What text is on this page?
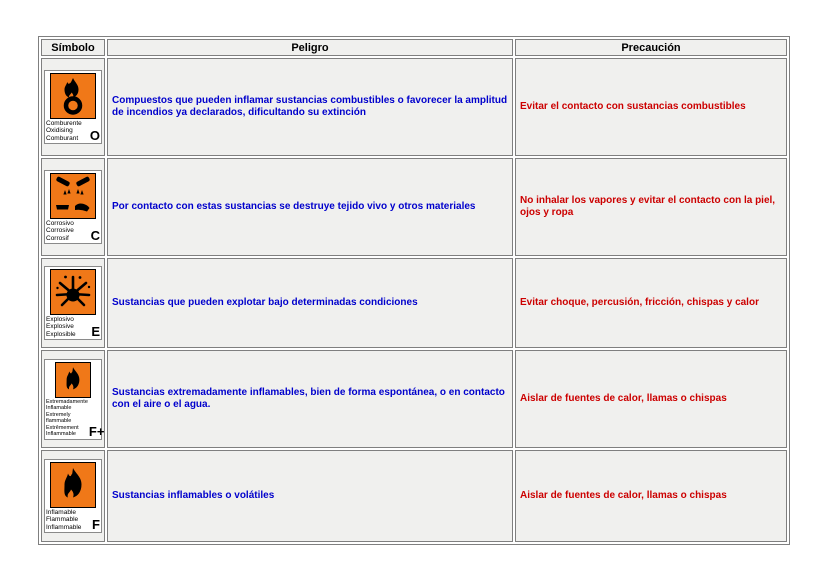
Símbolo	Peligro	Precaución

Comburente
Oxidising
Comburant O	Compuestos que pueden inflamar sustancias combustibles o favorecer la amplitud de incendios ya declarados, dificultando su extinción	Evitar el contacto con sustancias combustibles

Corrosivo
Corrosive
Corrosif C	Por contacto con estas sustancias se destruye tejido vivo y otros materiales	No inhalar los vapores y evitar el contacto con la piel, ojos y ropa

Explosivo
Explosive
Explosible E	Sustancias que pueden explotar bajo determinadas condiciones	Evitar choque, percusión, fricción, chispas y calor

Extremadamente Inflamable
Extremely flammable
Extrêmement Inflammable F+	Sustancias extremadamente inflamables, bien de forma espontánea, o en contacto con el aire o el agua.	Aislar de fuentes de calor, llamas o chispas

Inflamable
Flammable
Inflammable F	Sustancias inflamables o volátiles	Aislar de fuentes de calor, llamas o chispas
